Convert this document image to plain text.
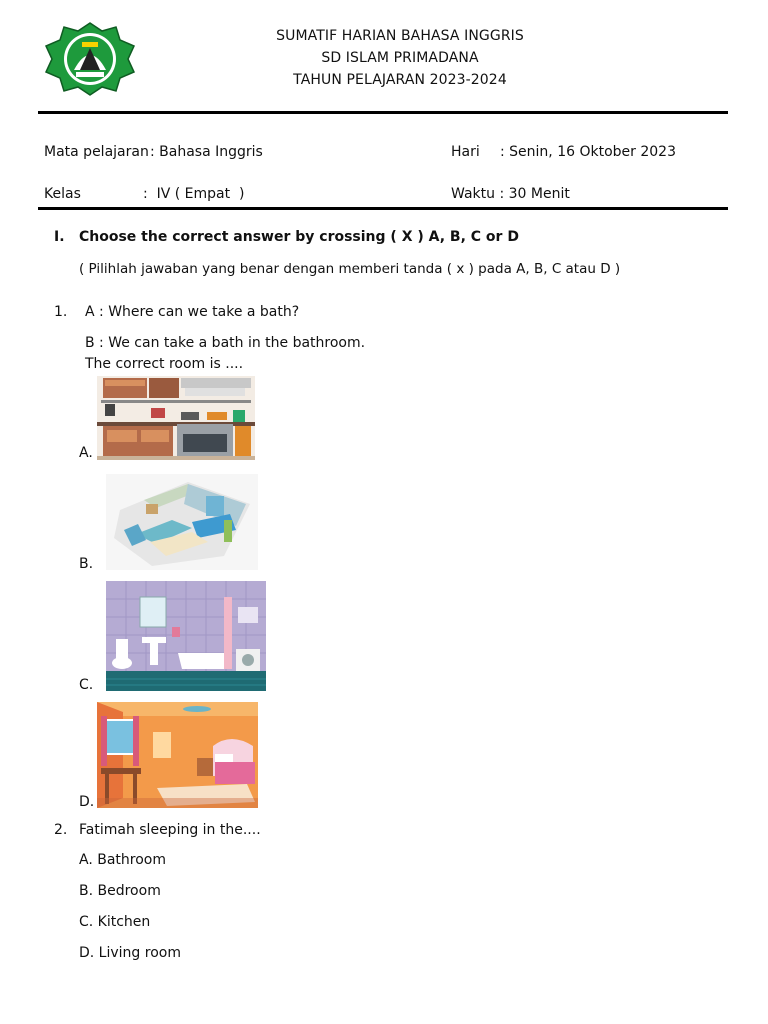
SUMATIF HARIAN BAHASA INGGRIS
SD ISLAM PRIMADANA
TAHUN PELAJARAN 2023-2024
Mata pelajaran : Bahasa Inggris	Hari : Senin, 16 Oktober 2023
Kelas	:  IV ( Empat  )	Waktu : 30 Menit
I. Choose the correct answer by crossing ( X ) A, B, C or D
( Pilihlah jawaban yang benar dengan memberi tanda ( x ) pada A, B, C atau D )
1. A : Where can we take a bath?
B : We can take a bath in the bathroom.
The correct room is ....
A.
B.
C.
D.
2. Fatimah sleeping in the....
A. Bathroom
B. Bedroom
C. Kitchen
D. Living room
